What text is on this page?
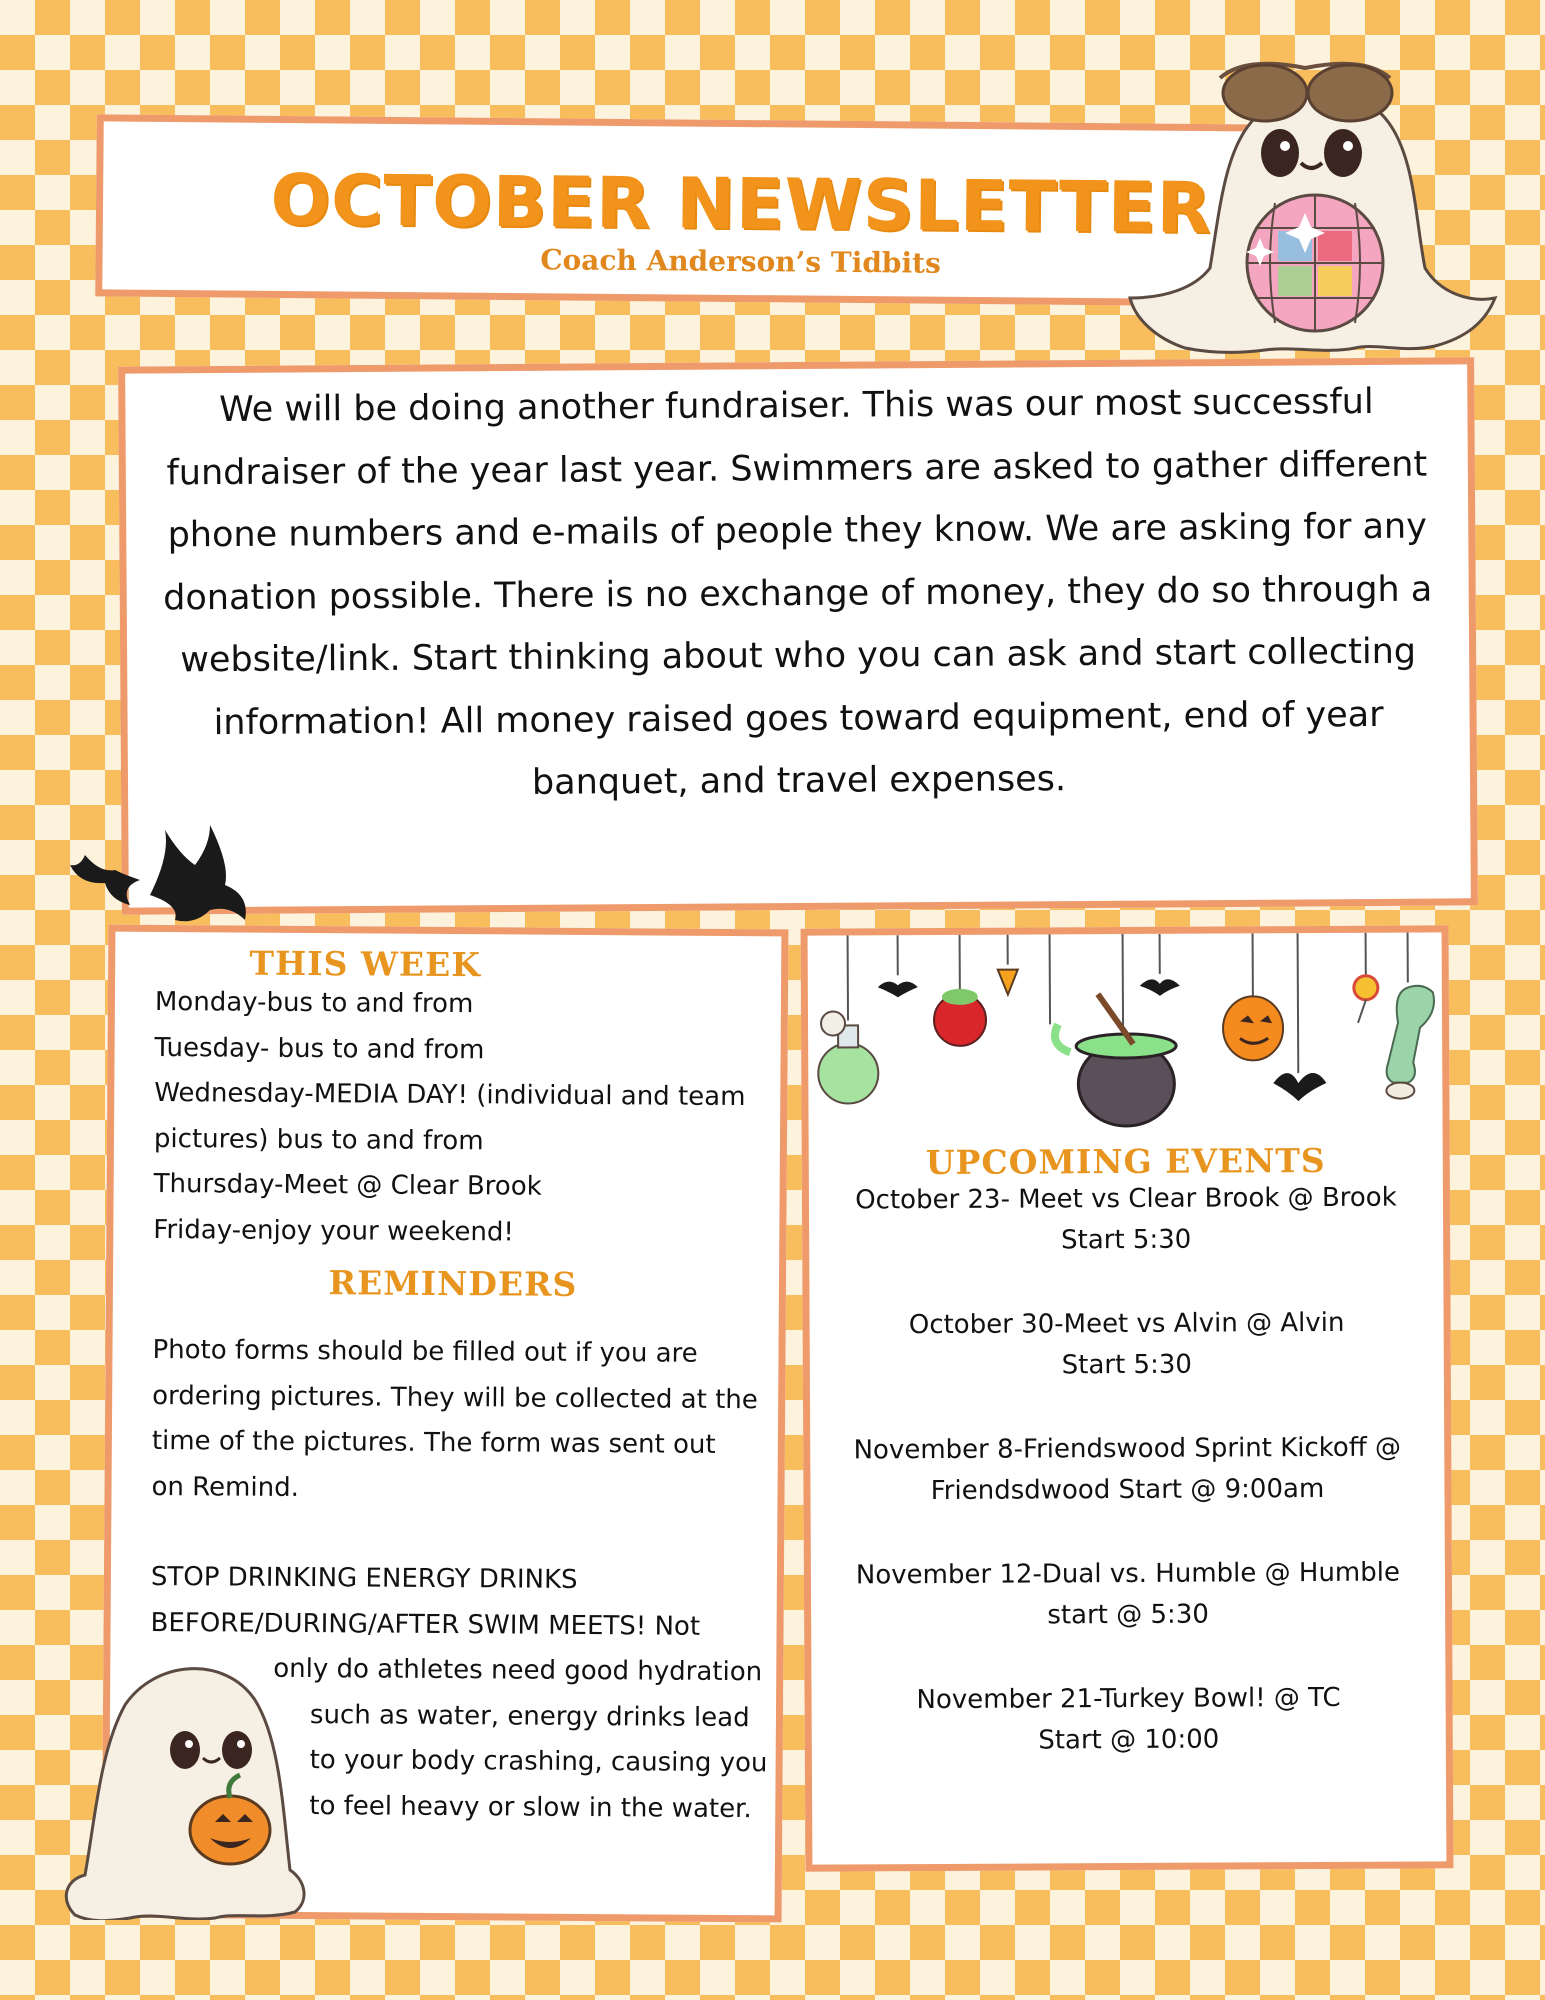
OCTOBER NEWSLETTER
Coach Anderson’s Tidbits
We will be doing another fundraiser. This was our most successful
fundraiser of the year last year. Swimmers are asked to gather different
phone numbers and e-mails of people they know. We are asking for any
donation possible. There is no exchange of money, they do so through a
website/link. Start thinking about who you can ask and start collecting
information! All money raised goes toward equipment, end of year
banquet, and travel expenses.
THIS WEEK
Monday-bus to and from
Tuesday- bus to and from
Wednesday-MEDIA DAY! (individual and team
pictures) bus to and from
Thursday-Meet @ Clear Brook
Friday-enjoy your weekend!
REMINDERS
Photo forms should be filled out if you are
ordering pictures. They will be collected at the
time of the pictures. The form was sent out
on Remind.
STOP DRINKING ENERGY DRINKS
BEFORE/DURING/AFTER SWIM MEETS! Not
only do athletes need good hydration
such as water, energy drinks lead
to your body crashing, causing you
to feel heavy or slow in the water.
UPCOMING EVENTS
October 23- Meet vs Clear Brook @ Brook
Start 5:30
October 30-Meet vs Alvin @ Alvin
Start 5:30
November 8-Friendswood Sprint Kickoff @
Friendsdwood Start @ 9:00am
November 12-Dual vs. Humble @ Humble
start @ 5:30
November 21-Turkey Bowl! @ TC
Start @ 10:00
